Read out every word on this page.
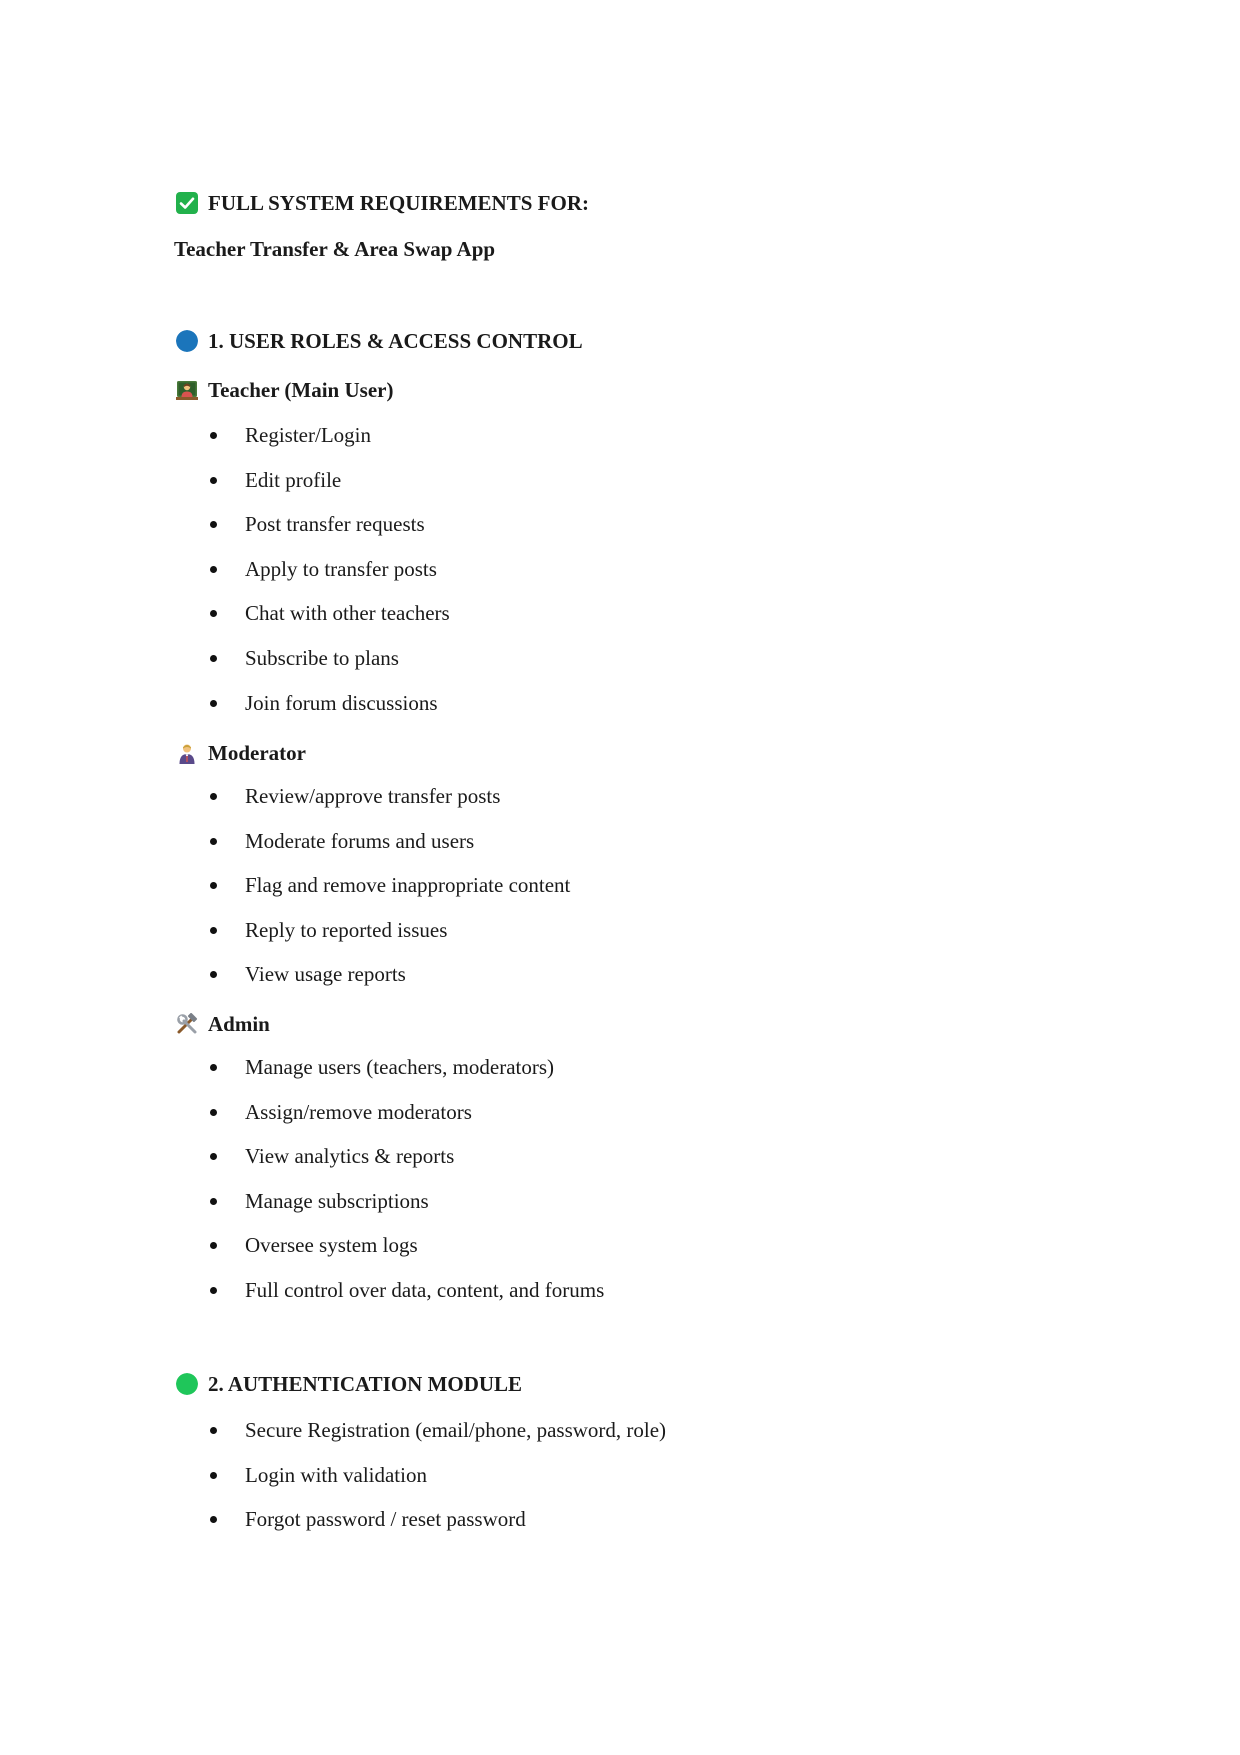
FULL SYSTEM REQUIREMENTS FOR:
Teacher Transfer & Area Swap App
1. USER ROLES & ACCESS CONTROL
Teacher (Main User)
Register/Login
Edit profile
Post transfer requests
Apply to transfer posts
Chat with other teachers
Subscribe to plans
Join forum discussions
Moderator
Review/approve transfer posts
Moderate forums and users
Flag and remove inappropriate content
Reply to reported issues
View usage reports
Admin
Manage users (teachers, moderators)
Assign/remove moderators
View analytics & reports
Manage subscriptions
Oversee system logs
Full control over data, content, and forums
2. AUTHENTICATION MODULE
Secure Registration (email/phone, password, role)
Login with validation
Forgot password / reset password
